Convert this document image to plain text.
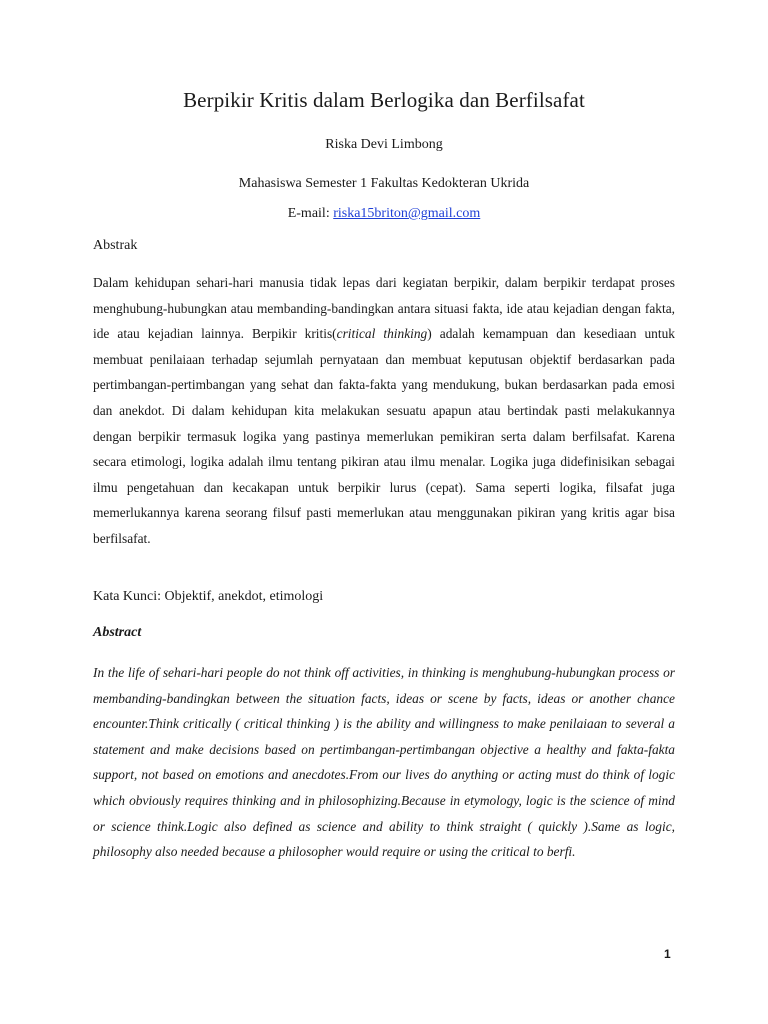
Berpikir Kritis dalam Berlogika dan Berfilsafat
Riska Devi Limbong
Mahasiswa Semester 1 Fakultas Kedokteran Ukrida
E-mail: riska15briton@gmail.com
Abstrak

Dalam kehidupan sehari-hari manusia tidak lepas dari kegiatan berpikir, dalam berpikir terdapat proses menghubung-hubungkan atau membanding-bandingkan antara situasi fakta, ide atau kejadian dengan fakta, ide atau kejadian lainnya. Berpikir kritis(critical thinking) adalah kemampuan dan kesediaan untuk membuat penilaiaan terhadap sejumlah pernyataan dan membuat keputusan objektif berdasarkan pada pertimbangan-pertimbangan yang sehat dan fakta-fakta yang mendukung, bukan berdasarkan pada emosi dan anekdot. Di dalam kehidupan kita melakukan sesuatu apapun atau bertindak pasti melakukannya dengan berpikir termasuk logika yang pastinya memerlukan pemikiran serta dalam berfilsafat. Karena secara etimologi, logika adalah ilmu tentang pikiran atau ilmu menalar. Logika juga didefinisikan sebagai ilmu pengetahuan dan kecakapan untuk berpikir lurus (cepat). Sama seperti logika, filsafat juga memerlukannya karena seorang filsuf pasti memerlukan atau menggunakan pikiran yang kritis agar bisa berfilsafat.

Kata Kunci: Objektif, anekdot, etimologi
Abstract

In the life of sehari-hari people do not think off activities, in thinking is menghubung-hubungkan process or membanding-bandingkan between the situation facts, ideas or scene by facts, ideas or another chance encounter.Think critically ( critical thinking ) is the ability and willingness to make penilaiaan to several a statement and make decisions based on pertimbangan-pertimbangan objective a healthy and fakta-fakta support, not based on emotions and anecdotes.From our lives do anything or acting must do think of logic which obviously requires thinking and in philosophizing.Because in etymology, logic is the science of mind or science think.Logic also defined as science and ability to think straight ( quickly ).Same as logic, philosophy also needed because a philosopher would require or using the critical to berfi.

1
